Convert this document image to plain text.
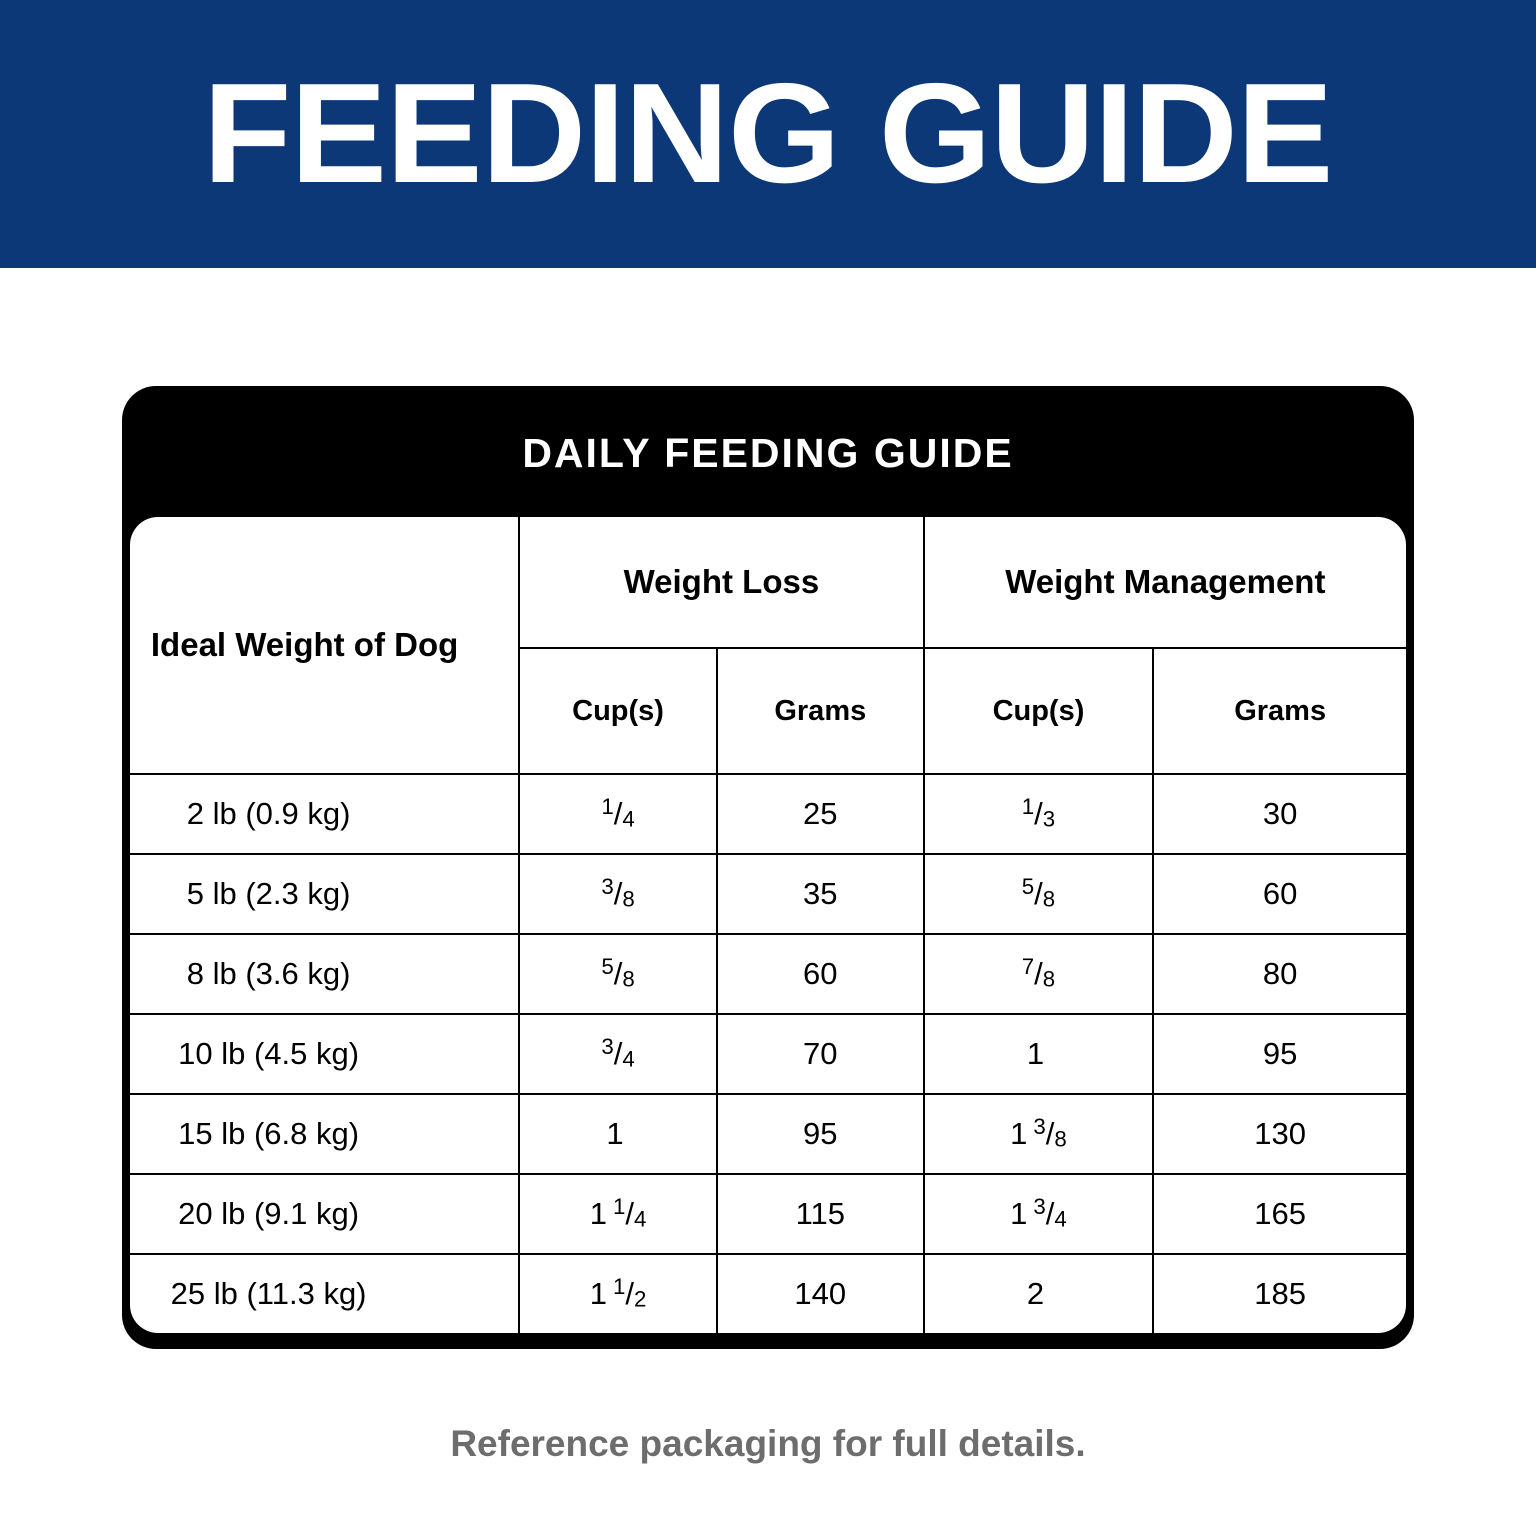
FEEDING GUIDE
DAILY FEEDING GUIDE
Ideal Weight of Dog	Weight Loss		Weight Management	
	Cup(s)	Grams	Cup(s)	Grams
2 lb (0.9 kg)	$^1/_4$	25	$^1/_3$	30
5 lb (2.3 kg)	$^3/_8$	35	$^5/_8$	60
8 lb (3.6 kg)	$^5/_8$	60	$^7/_8$	80
10 lb (4.5 kg)	$^3/_4$	70	1	95
15 lb (6.8 kg)	1	95	1 $^3/_8$	130
20 lb (9.1 kg)	1 $^1/_4$	115	1 $^3/_4$	165
25 lb (11.3 kg)	1 $^1/_2$	140	2	185
Reference packaging for full details.
